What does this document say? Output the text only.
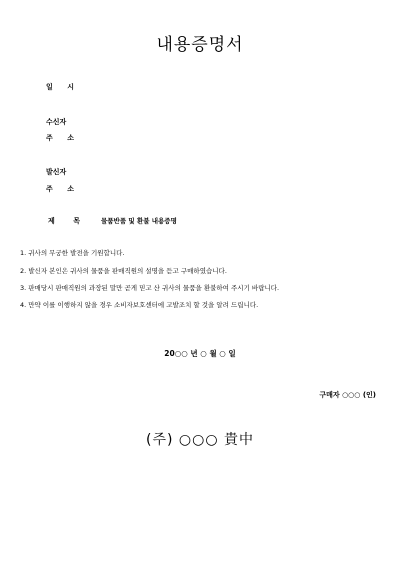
내용증명서
일 시
수신자
주 소
발신자
주 소
제 목 물품반품 및 환불 내용증명
1. 귀사의 무궁한 발전을 기원합니다.
2. 발신자 본인은 귀사의 물품을 판매직원의 설명을 듣고 구매하였습니다.
3. 판매당시 판매직원의 과장된 말만 곧게 믿고 산 귀사의 물품을 환불하여 주시기 바랍니다.
4. 만약 이를 이행하지 않을 경우 소비자보호센터에 고발조치 할 것을 알려 드립니다.
20○○ 년 ○ 월 ○ 일
구매자 ○○○ (인)
(주) ○○○ 貴中
